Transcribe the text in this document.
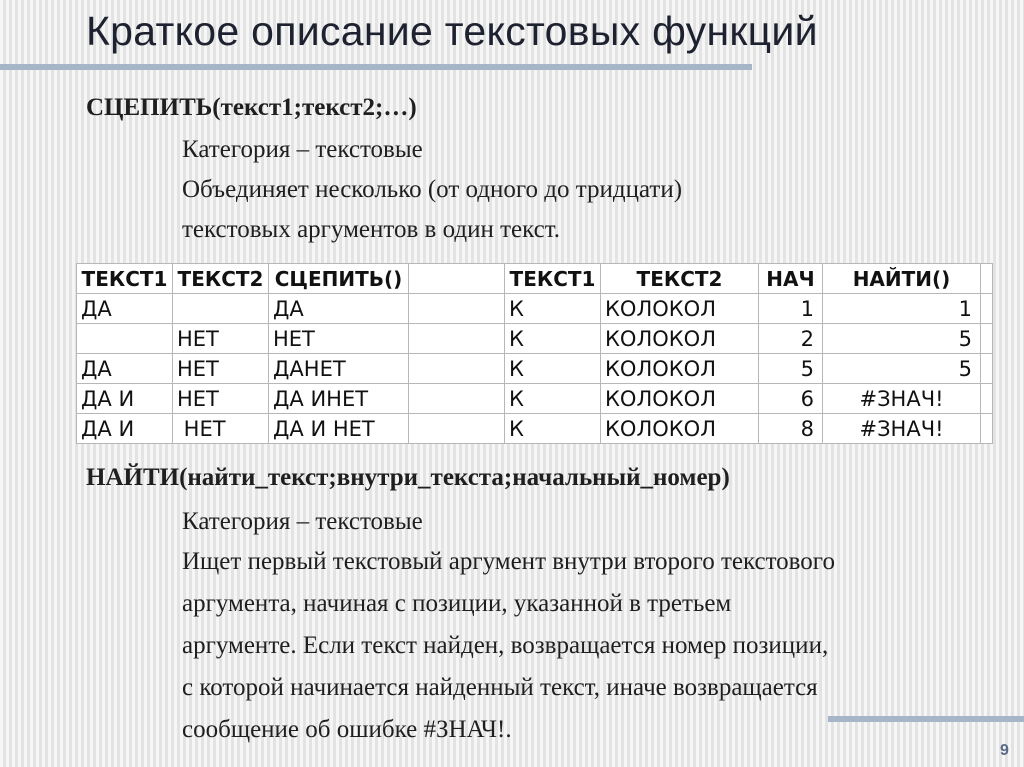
Краткое описание текстовых функций
СЦЕПИТЬ(текст1;текст2;…)
Категория – текстовые
Объединяет несколько (от одного до тридцати)
текстовых аргументов в один текст.
ТЕКСТ1	ТЕКСТ2	СЦЕПИТЬ()		ТЕКСТ1	ТЕКСТ2	НАЧ	НАЙТИ()	
ДА		ДА		К	КОЛОКОЛ	1	1	
	НЕТ	НЕТ		К	КОЛОКОЛ	2	5	
ДА	НЕТ	ДАНЕТ		К	КОЛОКОЛ	5	5	
ДА И	НЕТ	ДА ИНЕТ		К	КОЛОКОЛ	6	#ЗНАЧ!	
ДА И	НЕТ	ДА И НЕТ		К	КОЛОКОЛ	8	#ЗНАЧ!	
НАЙТИ(найти_текст;внутри_текста;начальный_номер)
Категория – текстовые
Ищет первый текстовый аргумент внутри второго текстового
аргумента, начиная с позиции, указанной в третьем
аргументе. Если текст найден, возвращается номер позиции,
с которой начинается найденный текст, иначе возвращается
сообщение об ошибке #ЗНАЧ!.
9
